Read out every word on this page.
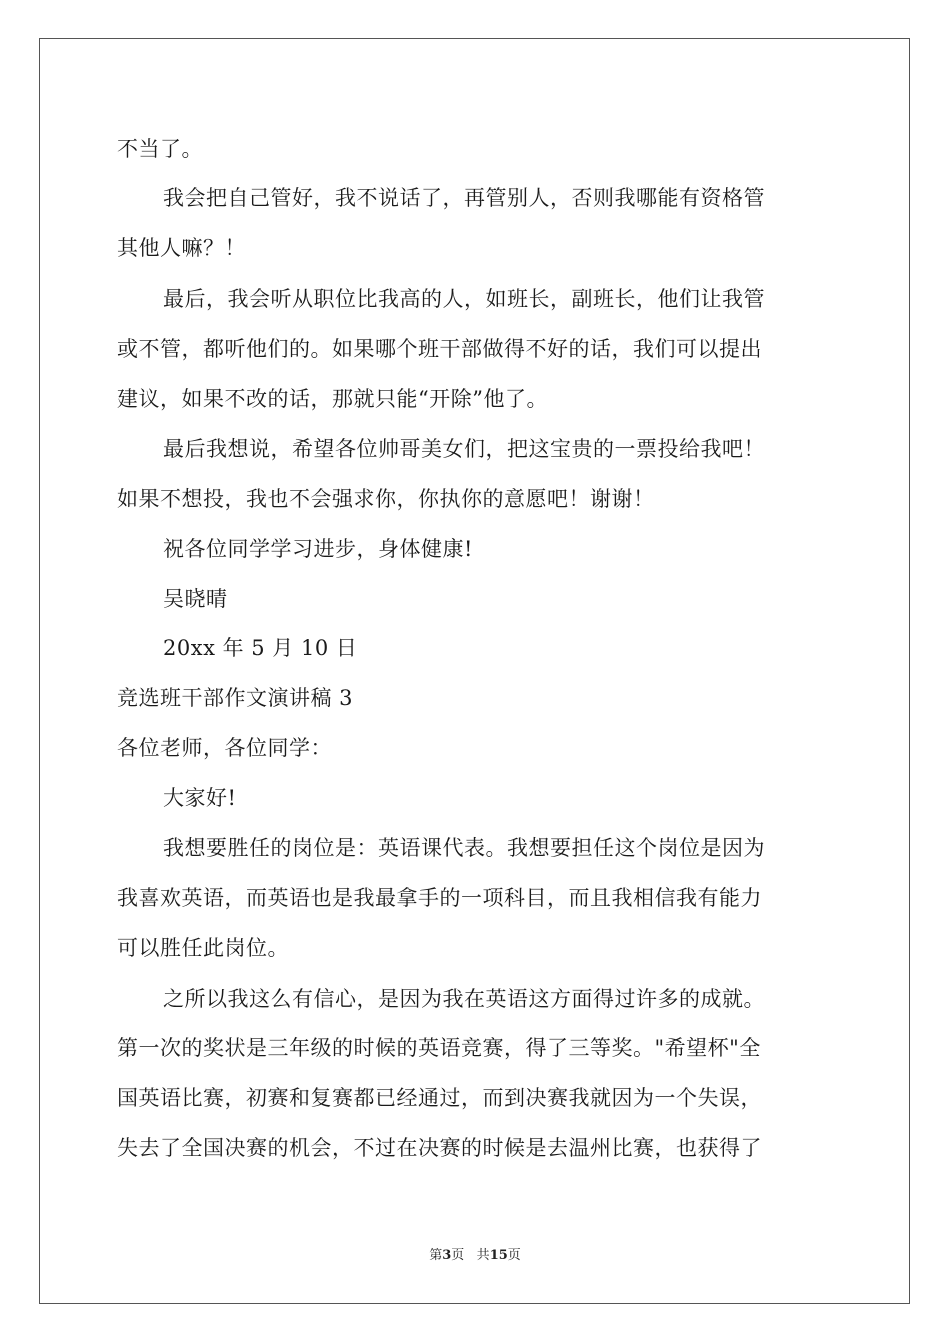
不当了。
我会把自己管好，我不说话了，再管别人，否则我哪能有资格管
其他人嘛？！
最后，我会听从职位比我高的人，如班长，副班长，他们让我管
或不管，都听他们的。如果哪个班干部做得不好的话，我们可以提出
建议，如果不改的话，那就只能“开除”他了。
最后我想说，希望各位帅哥美女们，把这宝贵的一票投给我吧！
如果不想投，我也不会强求你，你执你的意愿吧！谢谢！
祝各位同学学习进步，身体健康!
吴晓晴
20xx 年 5 月 10 日
竞选班干部作文演讲稿 3
各位老师，各位同学：
大家好!
我想要胜任的岗位是：英语课代表。我想要担任这个岗位是因为
我喜欢英语，而英语也是我最拿手的一项科目，而且我相信我有能力
可以胜任此岗位。
之所以我这么有信心，是因为我在英语这方面得过许多的成就。
第一次的奖状是三年级的时候的英语竞赛，得了三等奖。"希望杯"全
国英语比赛，初赛和复赛都已经通过，而到决赛我就因为一个失误，
失去了全国决赛的机会，不过在决赛的时候是去温州比赛，也获得了
第3页 共15页
